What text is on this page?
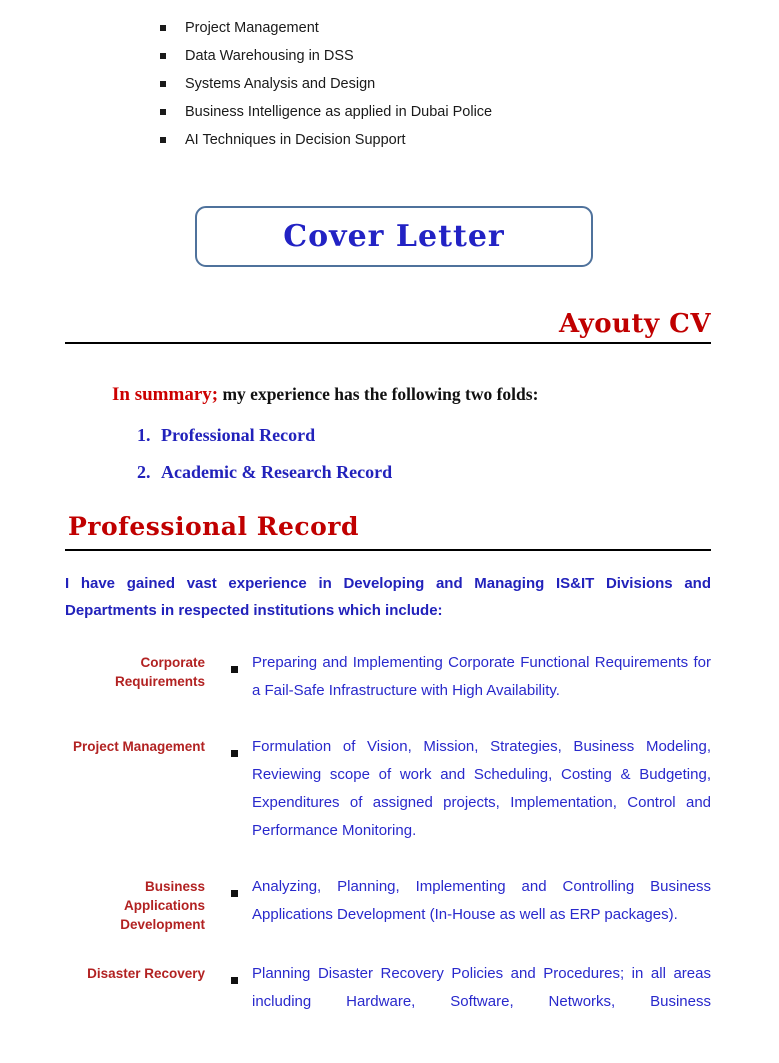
Project Management
Data Warehousing in DSS
Systems Analysis and Design
Business Intelligence as applied in Dubai Police
AI Techniques in Decision Support
Cover Letter
Ayouty CV
In summary; my experience has the following two folds:
1. Professional Record
2. Academic & Research Record
Professional Record

I have gained vast experience in Developing and Managing IS&IT Divisions and Departments in respected institutions which include:

Corporate Requirements
Preparing and Implementing Corporate Functional Requirements for a Fail-Safe Infrastructure with High Availability.
Project Management	Formulation of Vision, Mission, Strategies, Business Modeling, Reviewing scope of work and Scheduling, Costing & Budgeting, Expenditures of assigned projects, Implementation, Control and Performance Monitoring.
Business Applications Development
Analyzing, Planning, Implementing and Controlling Business Applications Development (In-House as well as ERP packages).
Disaster Recovery	Planning Disaster Recovery Policies and Procedures; in all areas including Hardware, Software, Networks, Business
